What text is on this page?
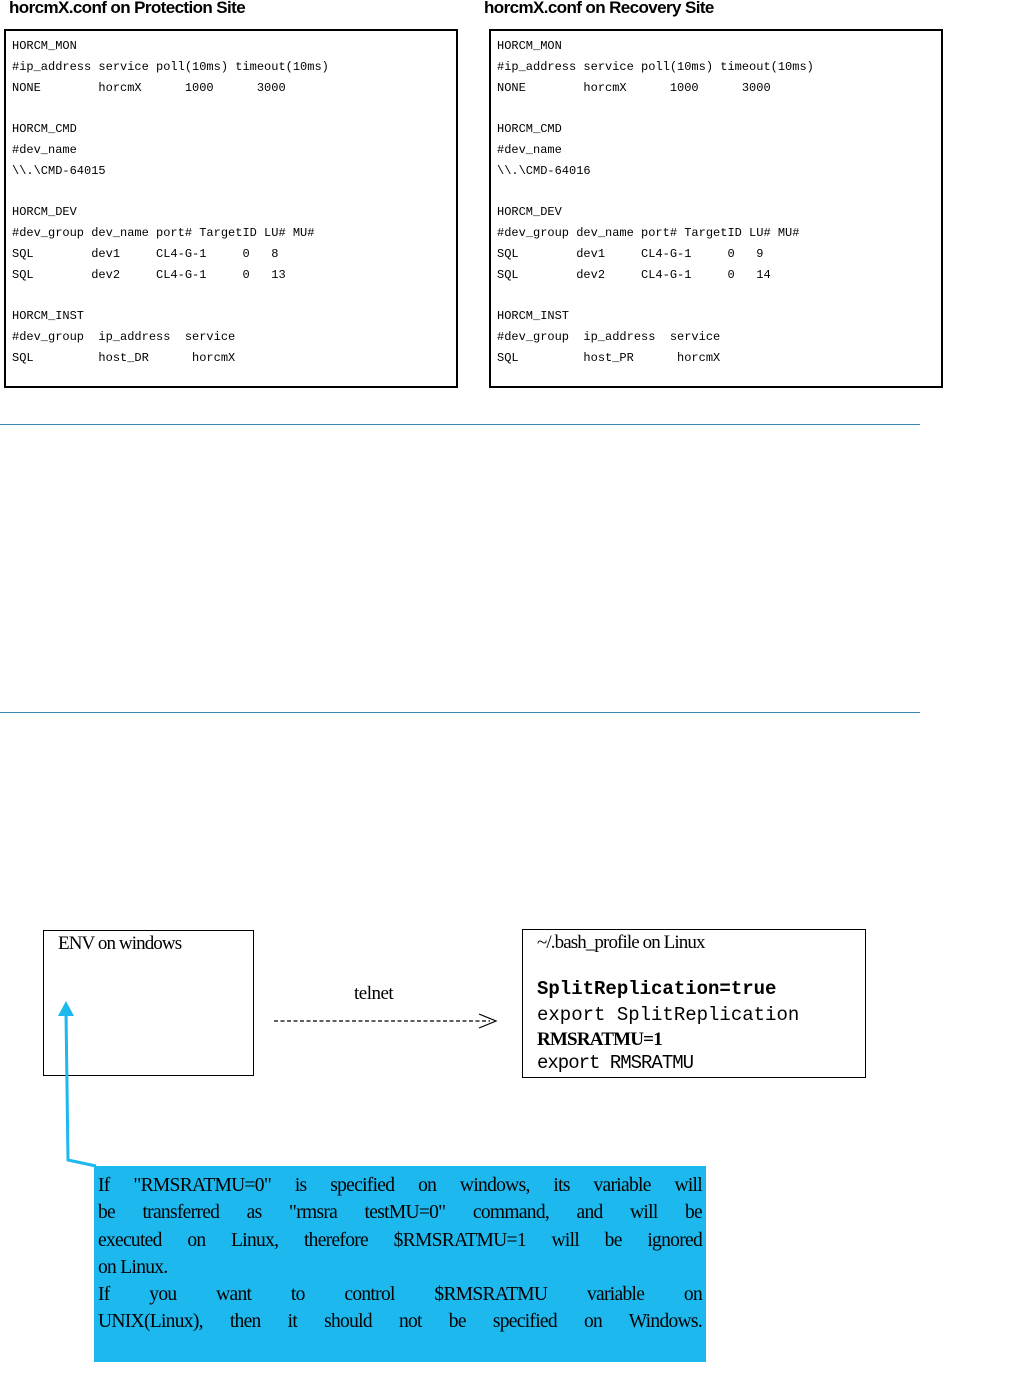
horcmX.conf on Protection Site	horcmX.conf on Recovery Site
HORCM_MON
#ip_address service poll(10ms) timeout(10ms)
NONE        horcmX      1000      3000

HORCM_CMD
#dev_name
\\.\CMD-64015

HORCM_DEV
#dev_group dev_name port# TargetID LU# MU#
SQL        dev1     CL4-G-1     0   8
SQL        dev2     CL4-G-1     0   13

HORCM_INST
#dev_group  ip_address  service
SQL         host_DR      horcmX
HORCM_MON
#ip_address service poll(10ms) timeout(10ms)
NONE        horcmX      1000      3000

HORCM_CMD
#dev_name
\\.\CMD-64016

HORCM_DEV
#dev_group dev_name port# TargetID LU# MU#
SQL        dev1     CL4-G-1     0   9
SQL        dev2     CL4-G-1     0   14

HORCM_INST
#dev_group  ip_address  service
SQL         host_PR      horcmX
ENV on windows	~/.bash_profile on Linux
SplitReplication=true
export SplitReplication
RMSRATMU=1
export RMSRATMU
telnet
If "RMSRATMU=0" is specified on windows, its variable will
be transferred as "rmsra testMU=0" command, and will be
executed on Linux, therefore $RMSRATMU=1 will be ignored
on Linux.
If you want to control $RMSRATMU variable on
UNIX(Linux), then it should not be specified on Windows.
